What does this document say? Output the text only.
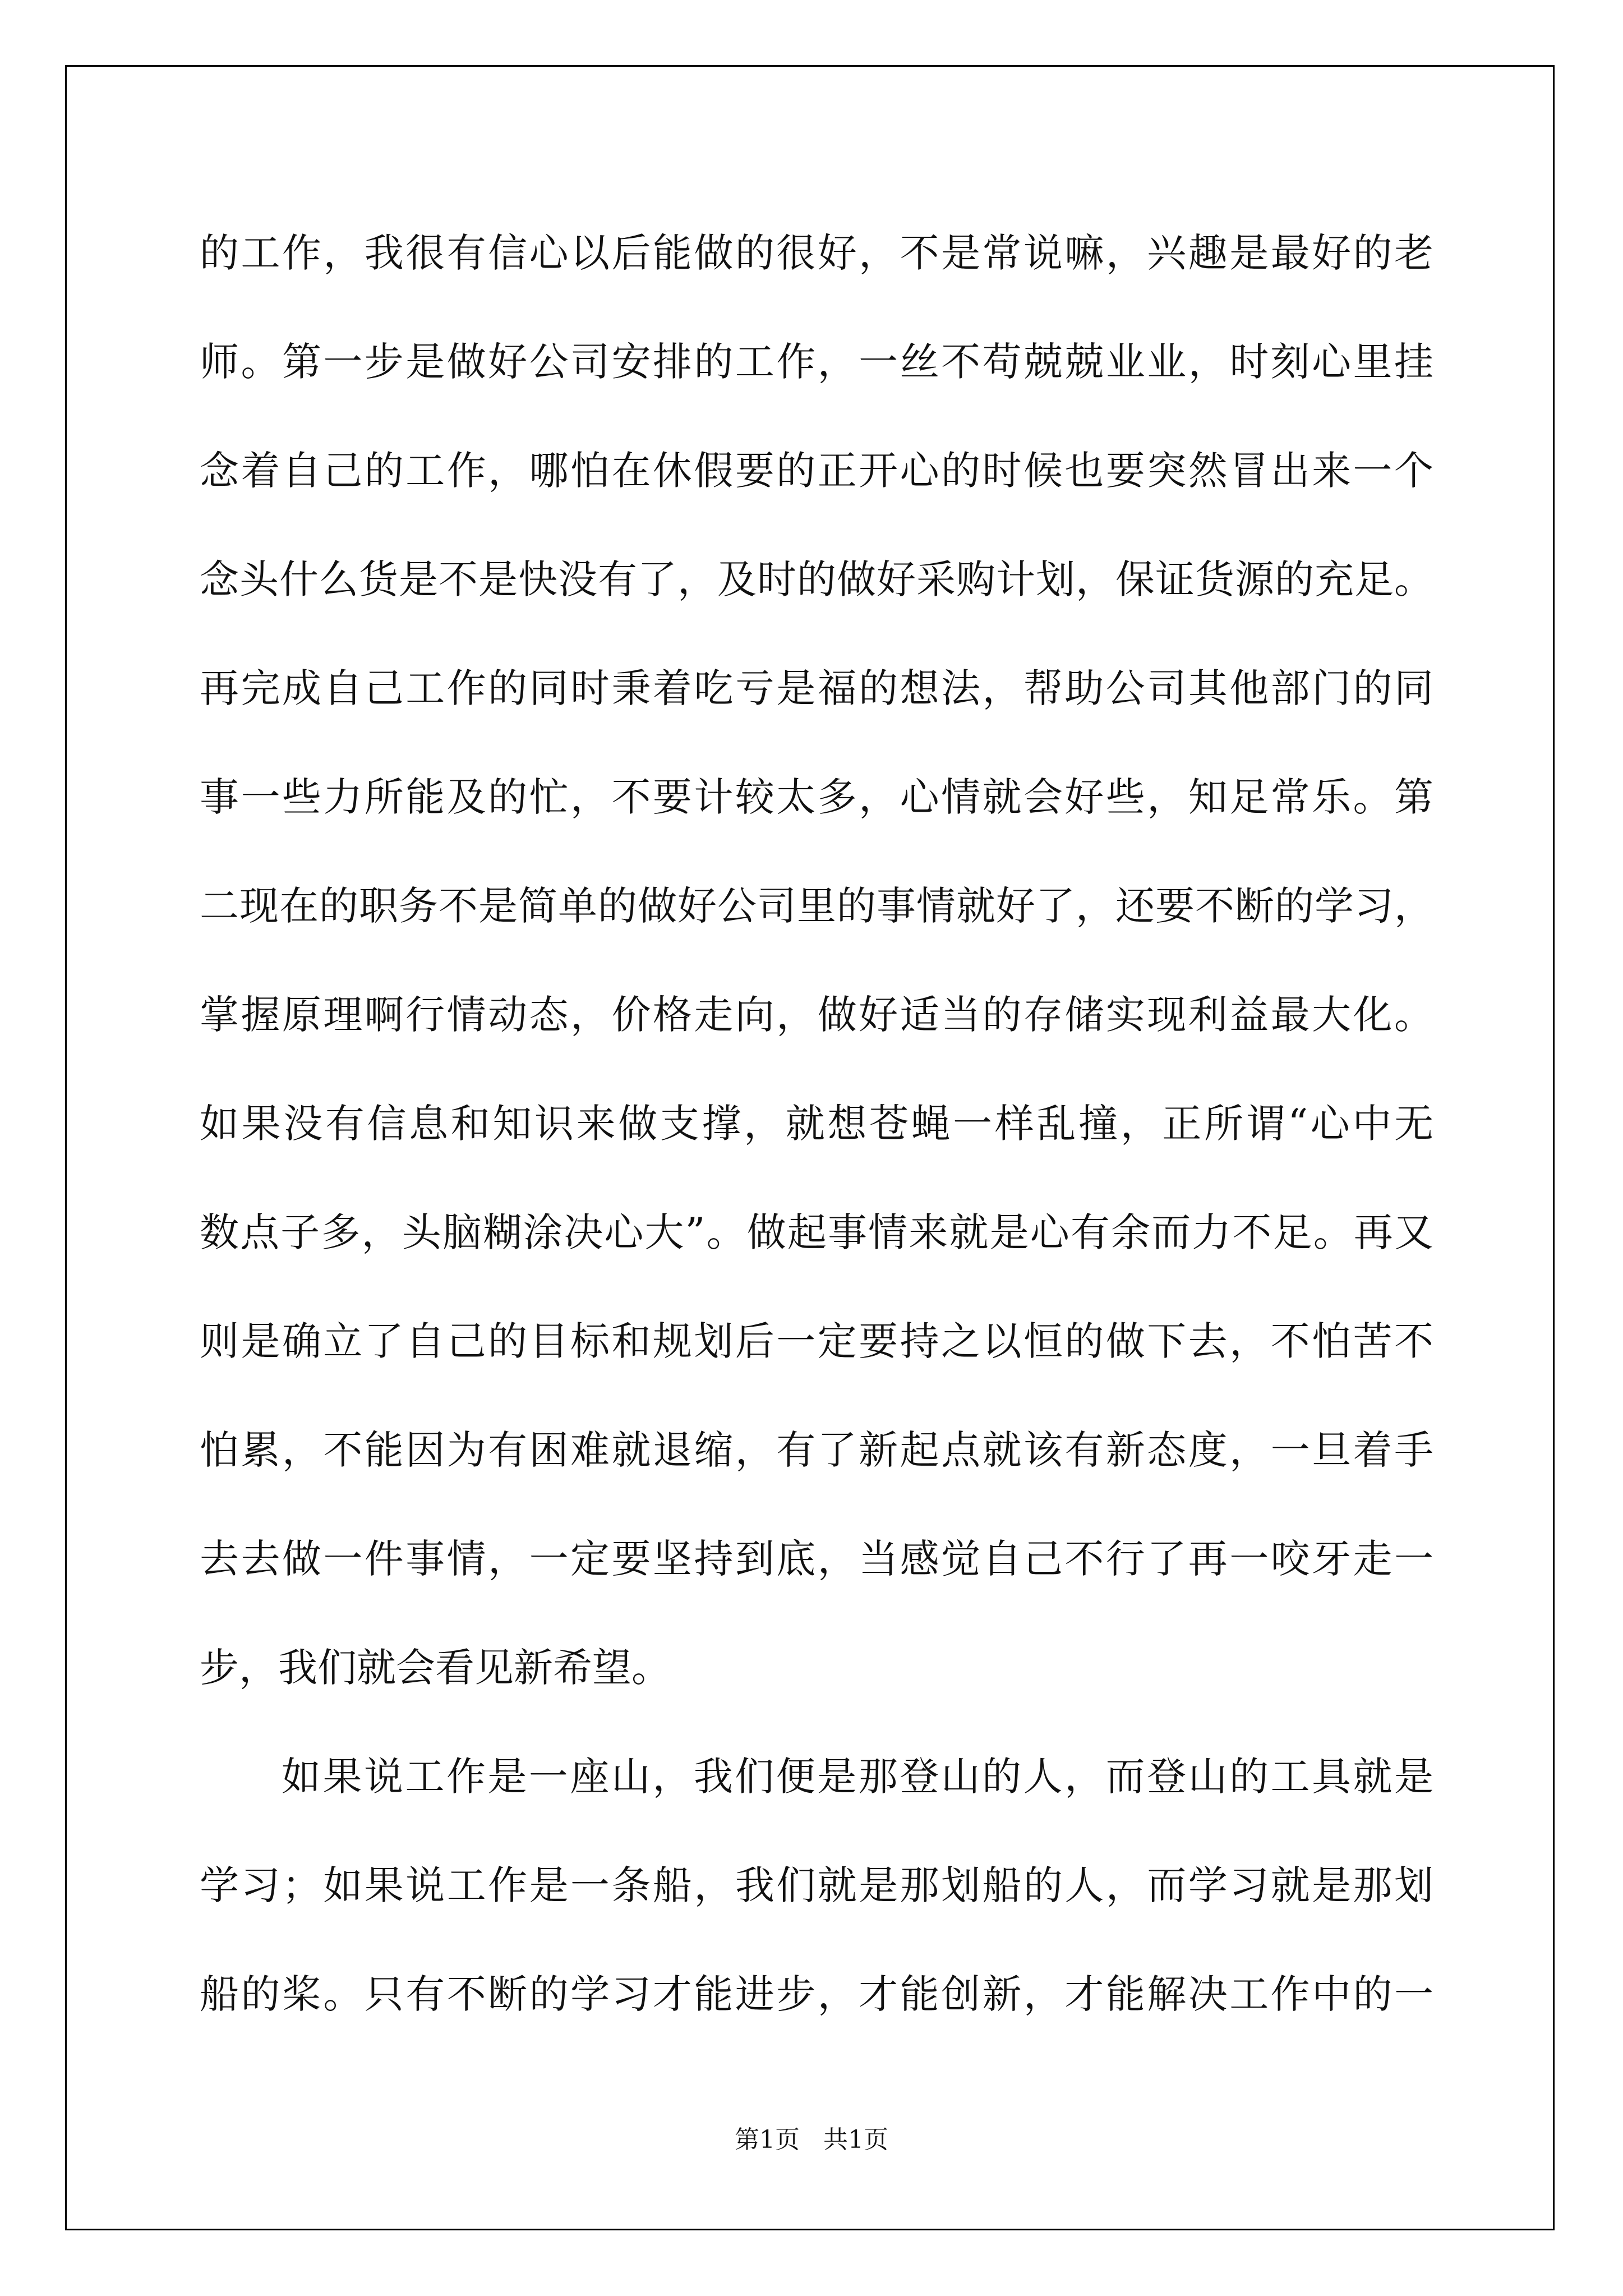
的工作，我很有信心以后能做的很好，不是常说嘛，兴趣是最好的老
师。第一步是做好公司安排的工作，一丝不苟兢兢业业，时刻心里挂
念着自己的工作，哪怕在休假要的正开心的时候也要突然冒出来一个
念头什么货是不是快没有了，及时的做好采购计划，保证货源的充足。
再完成自己工作的同时秉着吃亏是福的想法，帮助公司其他部门的同
事一些力所能及的忙，不要计较太多，心情就会好些，知足常乐。第
二现在的职务不是简单的做好公司里的事情就好了，还要不断的学习，
掌握原理啊行情动态，价格走向，做好适当的存储实现利益最大化。
如果没有信息和知识来做支撑，就想苍蝇一样乱撞，正所谓“心中无
数点子多，头脑糊涂决心大”。做起事情来就是心有余而力不足。再又
则是确立了自己的目标和规划后一定要持之以恒的做下去，不怕苦不
怕累，不能因为有困难就退缩，有了新起点就该有新态度，一旦着手
去去做一件事情，一定要坚持到底，当感觉自己不行了再一咬牙走一
步，我们就会看见新希望。
如果说工作是一座山，我们便是那登山的人，而登山的工具就是
学习；如果说工作是一条船，我们就是那划船的人，而学习就是那划
船的桨。只有不断的学习才能进步，才能创新，才能解决工作中的一
第1页   共1页
